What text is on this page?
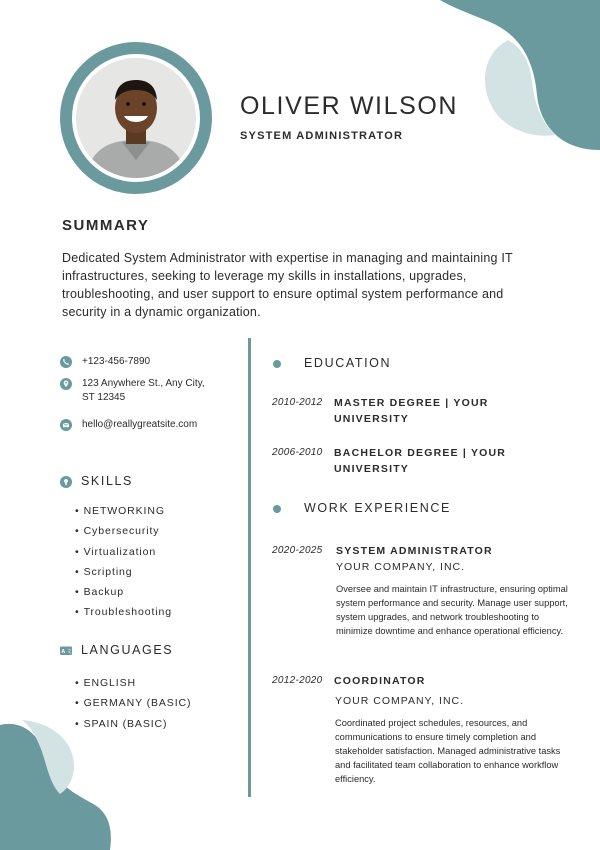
OLIVER WILSON
SYSTEM ADMINISTRATOR
SUMMARY
Dedicated System Administrator with expertise in managing and maintaining IT infrastructures, seeking to leverage my skills in installations, upgrades, troubleshooting, and user support to ensure optimal system performance and security in a dynamic organization.
+123-456-7890
123 Anywhere St., Any City,
ST 12345
hello@reallygreatsite.com
SKILLS
• NETWORKING
• Cybersecurity
• Virtualization
• Scripting
• Backup
• Troubleshooting
A 文 LANGUAGES
• ENGLISH
• GERMANY (BASIC)
• SPAIN (BASIC)
EDUCATION
2010-2012 MASTER DEGREE | YOUR
UNIVERSITY
2006-2010 BACHELOR DEGREE | YOUR
UNIVERSITY
WORK EXPERIENCE
2020-2025 SYSTEM ADMINISTRATOR
YOUR COMPANY, INC.
Oversee and maintain IT infrastructure, ensuring optimal system performance and security. Manage user support, system upgrades, and network troubleshooting to minimize downtime and enhance operational efficiency.
2012-2020 COORDINATOR
YOUR COMPANY, INC.
Coordinated project schedules, resources, and communications to ensure timely completion and stakeholder satisfaction. Managed administrative tasks and facilitated team collaboration to enhance workflow efficiency.
